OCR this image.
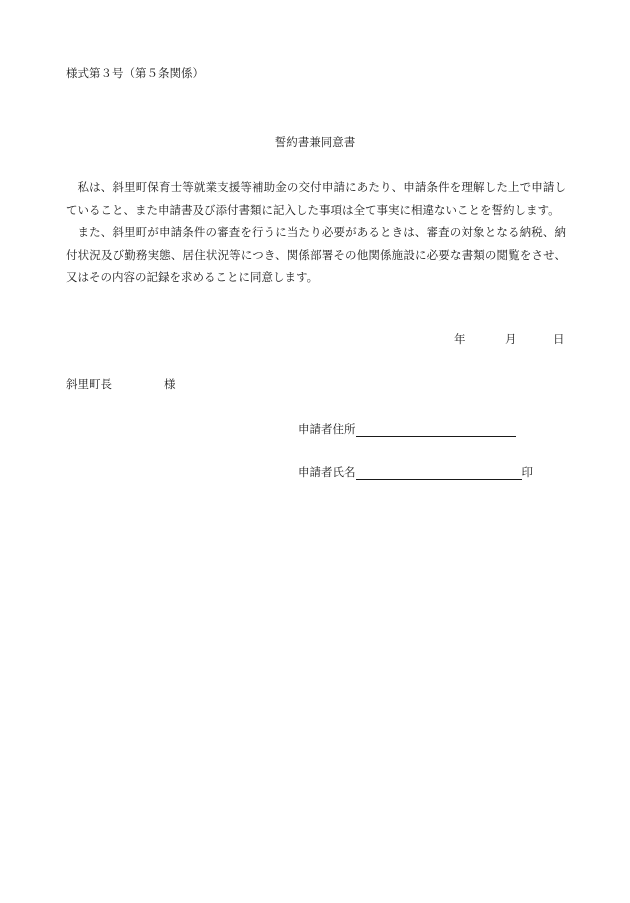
様式第３号（第５条関係）
誓約書兼同意書

私は、斜里町保育士等就業支援等補助金の交付申請にあたり、申請条件を理解した上で申請していること、また申請書及び添付書類に記入した事項は全て事実に相違ないことを誓約します。

また、斜里町が申請条件の審査を行うに当たり必要があるときは、審査の対象となる納税、納付状況及び勤務実態、居住状況等につき、関係部署その他関係施設に必要な書類の閲覧をさせ、又はその内容の記録を求めることに同意します。

年	月	日
斜里町長	様
申請者住所
申請者氏名	印
